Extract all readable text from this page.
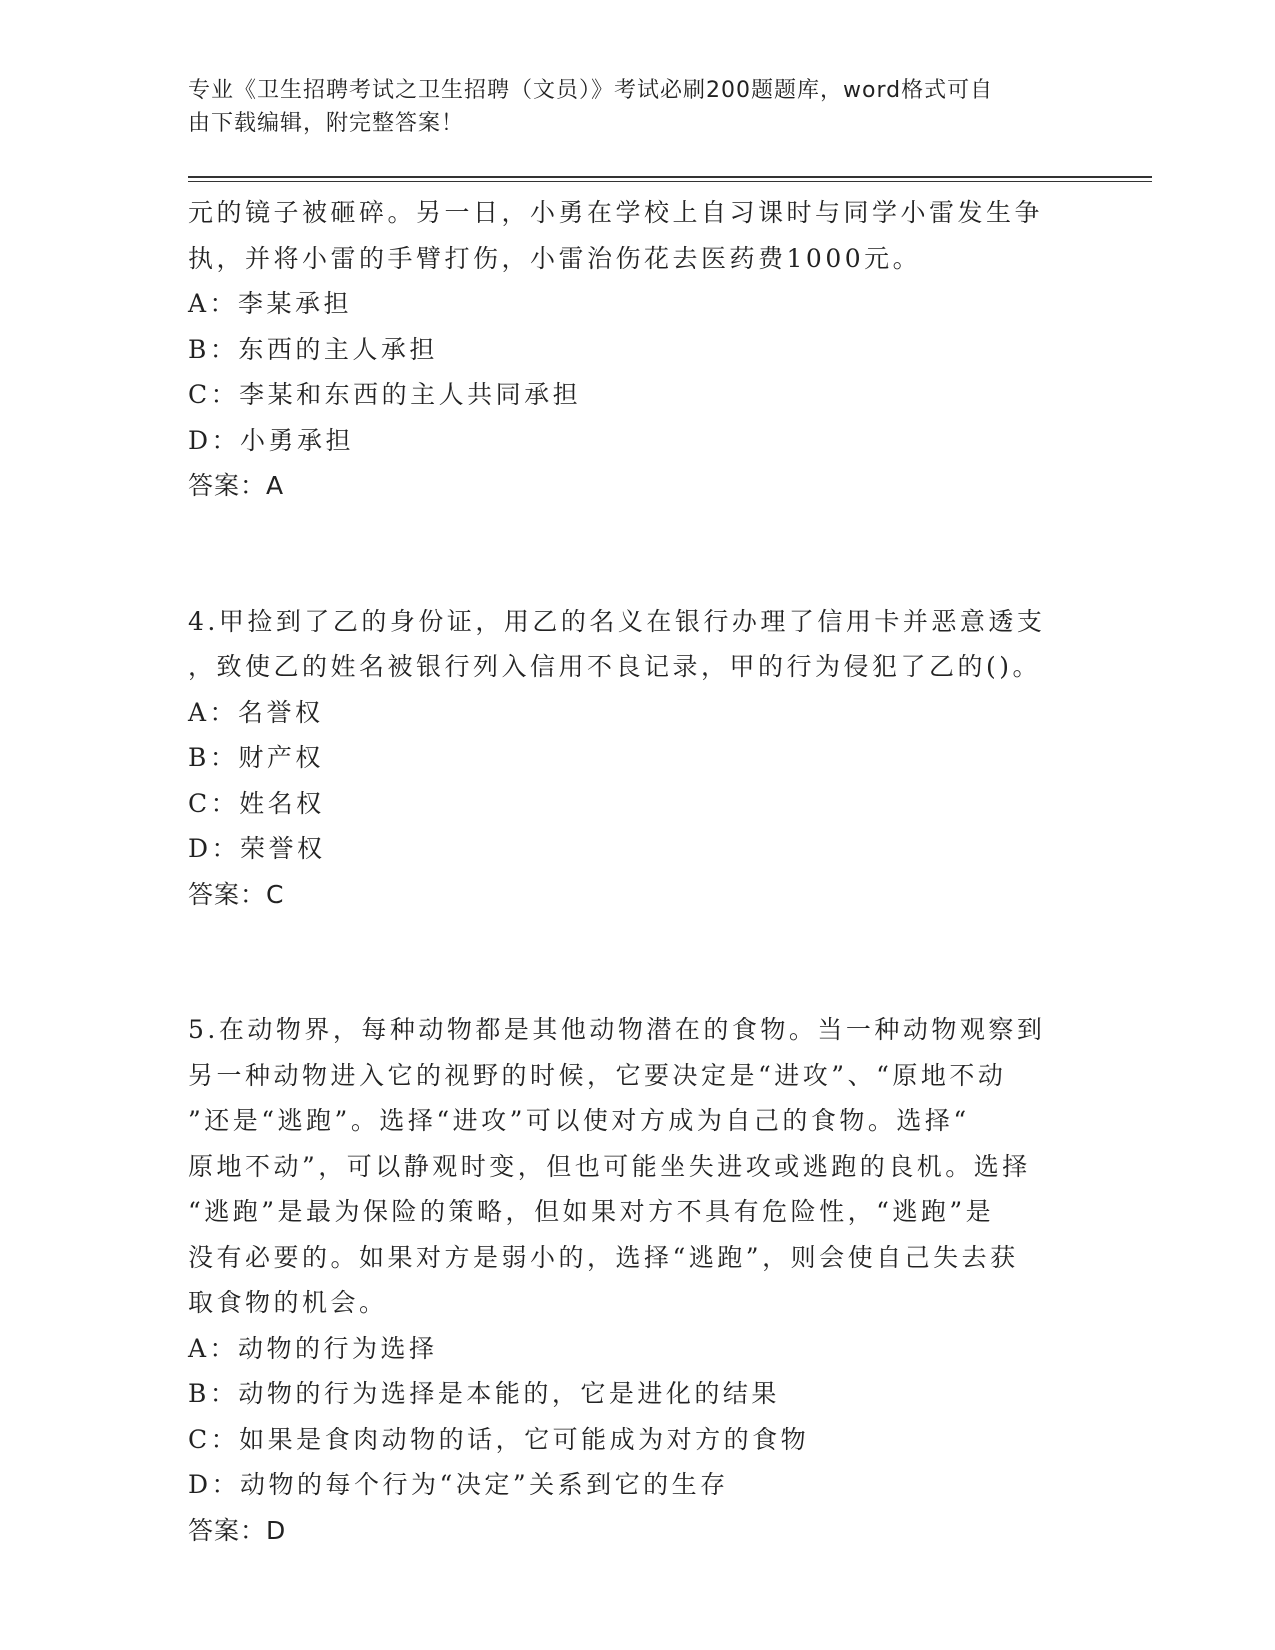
专业《卫生招聘考试之卫生招聘（文员）》考试必刷200题题库，word格式可自
由下载编辑，附完整答案！

元的镜子被砸碎。另一日，小勇在学校上自习课时与同学小雷发生争

执，并将小雷的手臂打伤，小雷治伤花去医药费1000元。

A：李某承担

B：东西的主人承担

C：李某和东西的主人共同承担

D：小勇承担

答案：A

4.甲捡到了乙的身份证，用乙的名义在银行办理了信用卡并恶意透支

，致使乙的姓名被银行列入信用不良记录，甲的行为侵犯了乙的()。

A：名誉权

B：财产权

C：姓名权

D：荣誉权

答案：C

5.在动物界，每种动物都是其他动物潜在的食物。当一种动物观察到

另一种动物进入它的视野的时候，它要决定是“进攻”、“原地不动

”还是“逃跑”。选择“进攻”可以使对方成为自己的食物。选择“

原地不动”，可以静观时变，但也可能坐失进攻或逃跑的良机。选择

“逃跑”是最为保险的策略，但如果对方不具有危险性，“逃跑”是

没有必要的。如果对方是弱小的，选择“逃跑”，则会使自己失去获

取食物的机会。

A：动物的行为选择

B：动物的行为选择是本能的，它是进化的结果

C：如果是食肉动物的话，它可能成为对方的食物

D：动物的每个行为“决定”关系到它的生存

答案：D
